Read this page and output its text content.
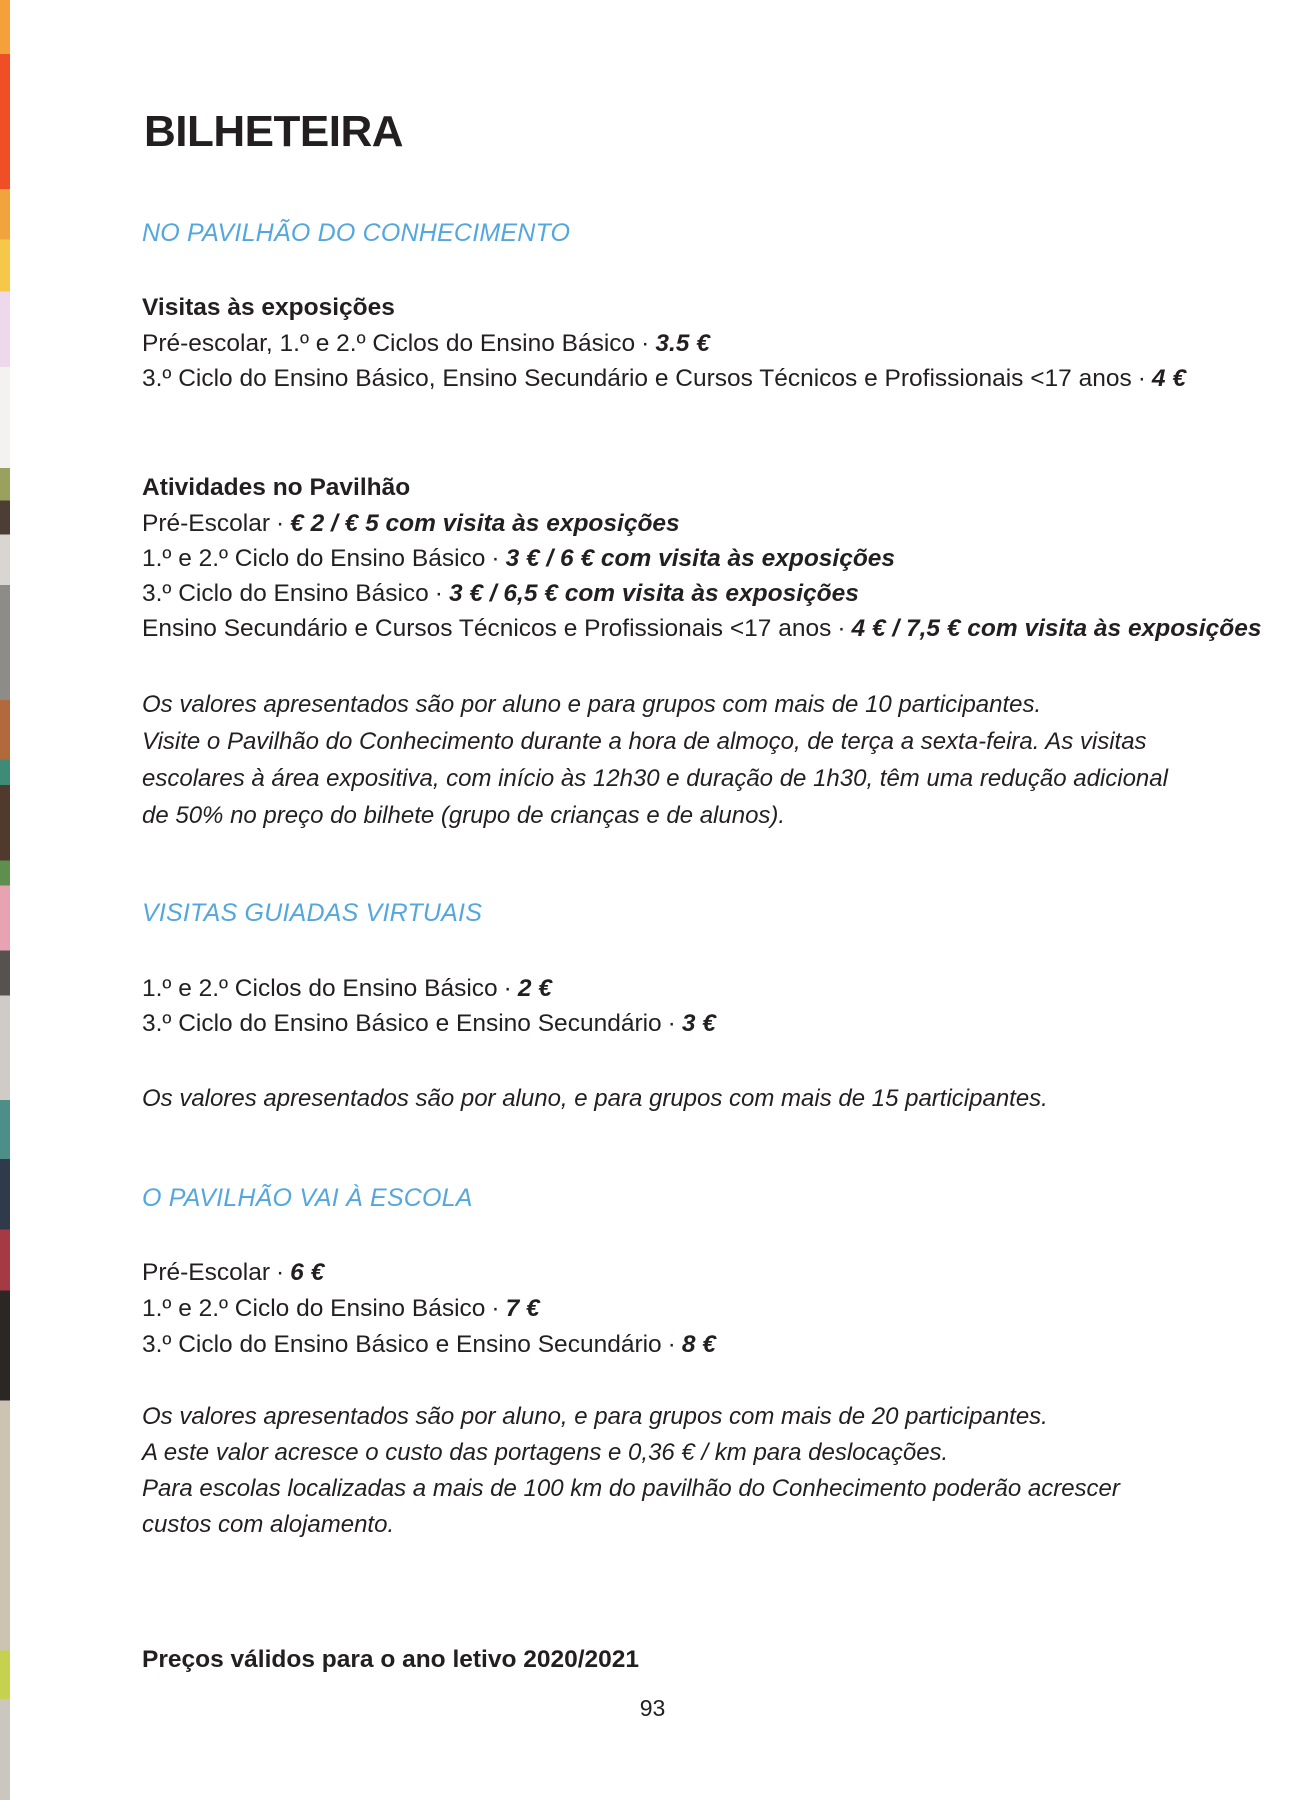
BILHETEIRA
NO PAVILHÃO DO CONHECIMENTO
Visitas às exposições
Pré-escolar, 1.º e 2.º Ciclos do Ensino Básico · 3.5 €
3.º Ciclo do Ensino Básico, Ensino Secundário e Cursos Técnicos e Profissionais <17 anos · 4 €
Atividades no Pavilhão
Pré-Escolar · € 2 / € 5 com visita às exposições
1.º e 2.º Ciclo do Ensino Básico · 3 € / 6 € com visita às exposições
3.º Ciclo do Ensino Básico · 3 € / 6,5 € com visita às exposições
Ensino Secundário e Cursos Técnicos e Profissionais <17 anos · 4 € / 7,5 € com visita às exposições

Os valores apresentados são por aluno e para grupos com mais de 10 participantes.

Visite o Pavilhão do Conhecimento durante a hora de almoço, de terça a sexta-feira. As visitas escolares à área expositiva, com início às 12h30 e duração de 1h30, têm uma redução adicional de 50% no preço do bilhete (grupo de crianças e de alunos).

VISITAS GUIADAS VIRTUAIS
1.º e 2.º Ciclos do Ensino Básico · 2 €
3.º Ciclo do Ensino Básico e Ensino Secundário · 3 €

Os valores apresentados são por aluno, e para grupos com mais de 15 participantes.

O PAVILHÃO VAI À ESCOLA
Pré-Escolar · 6 €
1.º e 2.º Ciclo do Ensino Básico · 7 €
3.º Ciclo do Ensino Básico e Ensino Secundário · 8 €

Os valores apresentados são por aluno, e para grupos com mais de 20 participantes.

A este valor acresce o custo das portagens e 0,36 € / km para deslocações.

Para escolas localizadas a mais de 100 km do pavilhão do Conhecimento poderão acrescer custos com alojamento.

Preços válidos para o ano letivo 2020/2021

93
